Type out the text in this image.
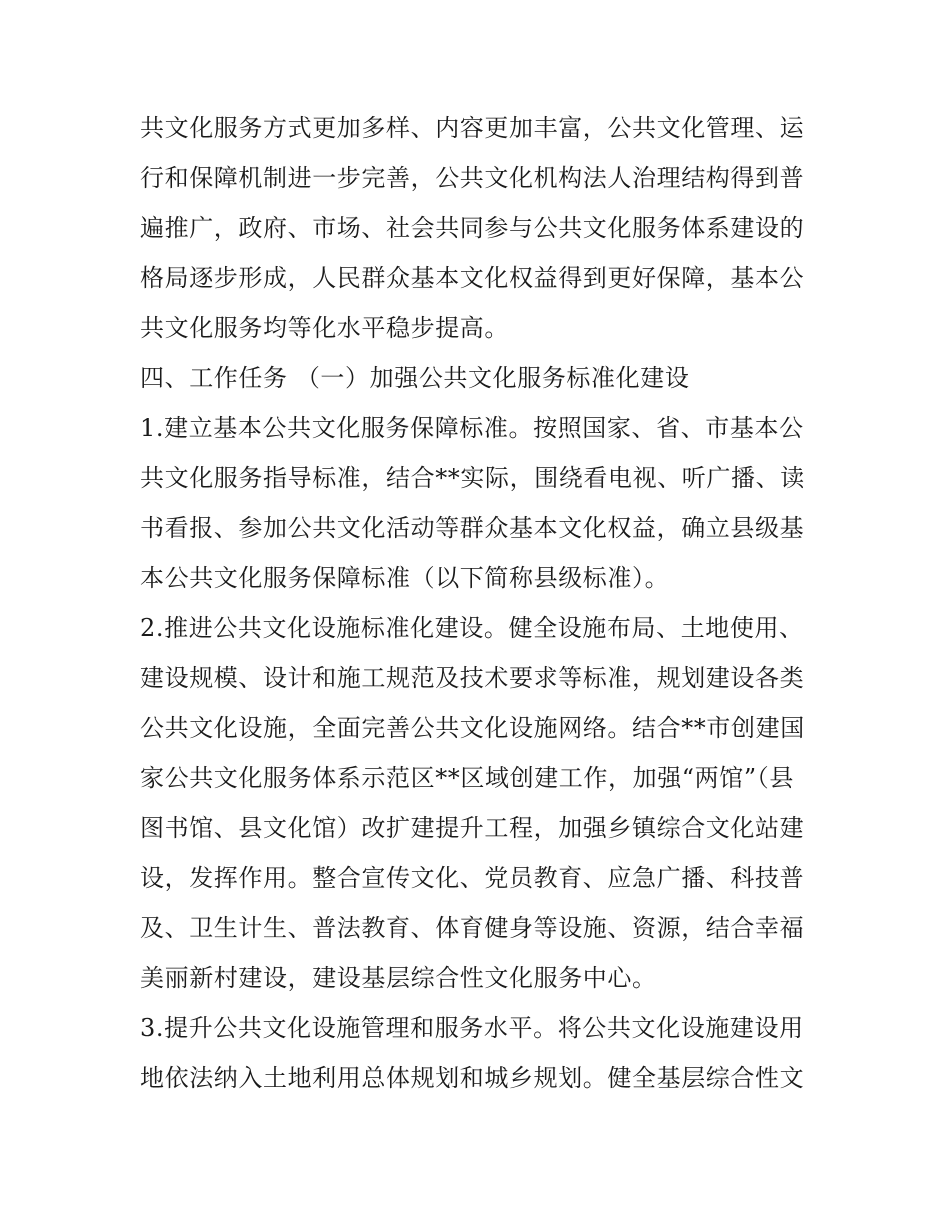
共文化服务方式更加多样、内容更加丰富，公共文化管理、运
行和保障机制进一步完善，公共文化机构法人治理结构得到普
遍推广，政府、市场、社会共同参与公共文化服务体系建设的
格局逐步形成，人民群众基本文化权益得到更好保障，基本公
共文化服务均等化水平稳步提高。
四、工作任务 （一）加强公共文化服务标准化建设
1.建立基本公共文化服务保障标准。按照国家、省、市基本公
共文化服务指导标准，结合**实际，围绕看电视、听广播、读
书看报、参加公共文化活动等群众基本文化权益，确立县级基
本公共文化服务保障标准（以下简称县级标准）。
2.推进公共文化设施标准化建设。健全设施布局、土地使用、
建设规模、设计和施工规范及技术要求等标准，规划建设各类
公共文化设施，全面完善公共文化设施网络。结合**市创建国
家公共文化服务体系示范区**区域创建工作，加强“两馆”（县
图书馆、县文化馆）改扩建提升工程，加强乡镇综合文化站建
设，发挥作用。整合宣传文化、党员教育、应急广播、科技普
及、卫生计生、普法教育、体育健身等设施、资源，结合幸福
美丽新村建设，建设基层综合性文化服务中心。
3.提升公共文化设施管理和服务水平。将公共文化设施建设用
地依法纳入土地利用总体规划和城乡规划。健全基层综合性文
